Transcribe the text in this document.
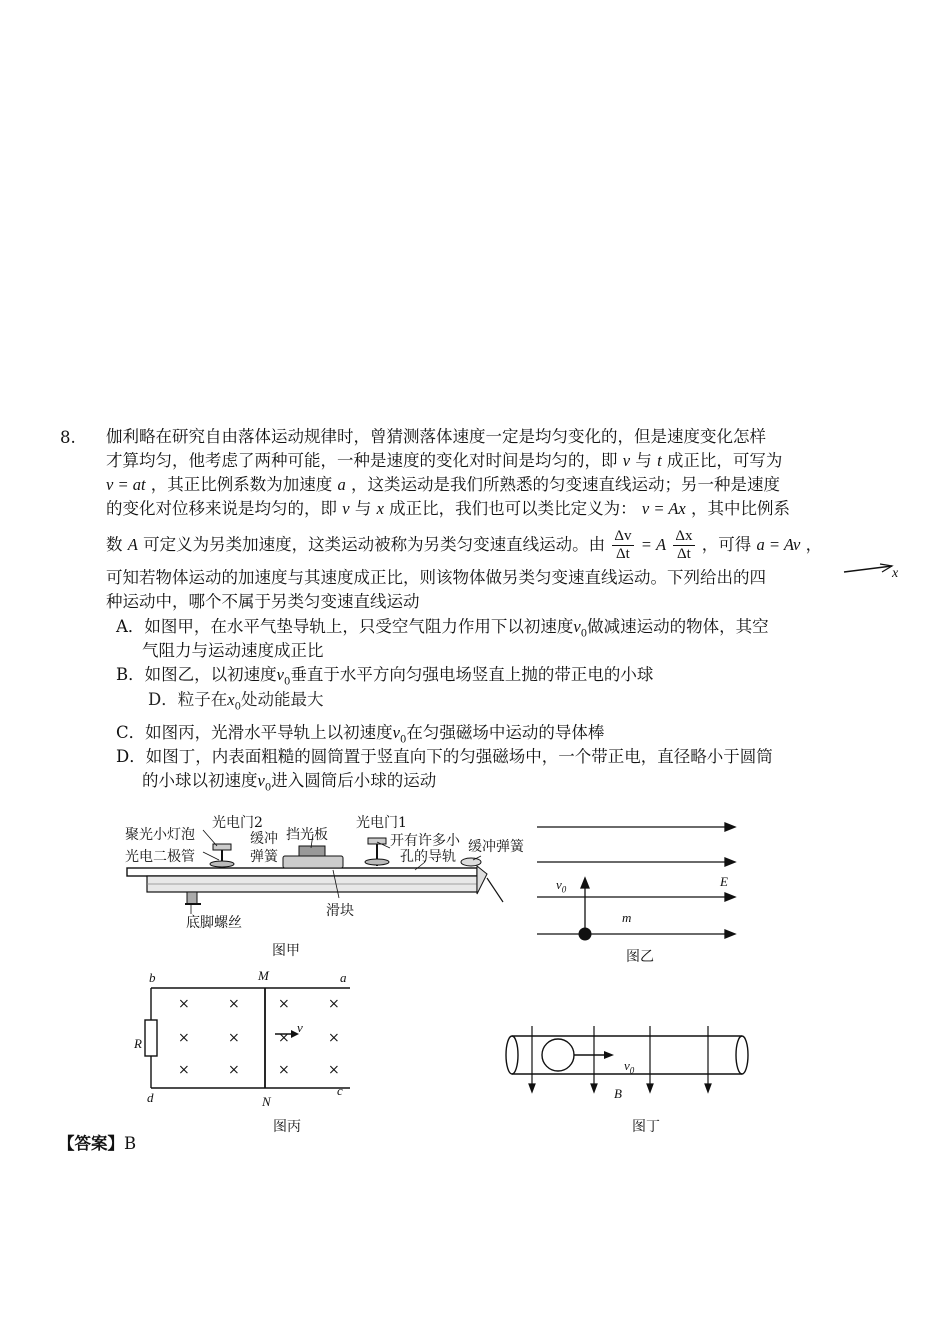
8. 伽利略在研究自由落体运动规律时，曾猜测落体速度一定是均匀变化的，但是速度变化怎样
才算均匀，他考虑了两种可能，一种是速度的变化对时间是均匀的，即 v 与 t 成正比，可写为
v = at ，其正比例系数为加速度 a ，这类运动是我们所熟悉的匀变速直线运动；另一种是速度
的变化对位移来说是均匀的，即 v 与 x 成正比，我们也可以类比定义为： v = Ax ，其中比例系
数 A 可定义为另类加速度，这类运动被称为另类匀变速直线运动。由 $\frac{\Delta v}{\Delta t} = A \frac{\Delta x}{\Delta t}$ ，可得 a = Av ，
可知若物体运动的加速度与其速度成正比，则该物体做另类匀变速直线运动。下列给出的四
种运动中，哪个不属于另类匀变速直线运动
x
A．如图甲，在水平气垫导轨上，只受空气阻力作用下以初速度$v_0$做减速运动的物体，其空
气阻力与运动速度成正比
B．如图乙，以初速度$v_0$垂直于水平方向匀强电场竖直上抛的带正电的小球
D．粒子在$x_0$处动能最大
C．如图丙，光滑水平导轨上以初速度$v_0$在匀强磁场中运动的导体棒
D．如图丁，内表面粗糙的圆筒置于竖直向下的匀强磁场中，一个带正电，直径略小于圆筒
的小球以初速度$v_0$进入圆筒后小球的运动
聚光小灯泡
光电二极管
光电门2
缓冲
弹簧
挡光板
光电门1
开有许多小
孔的导轨
缓冲弹簧
滑块
底脚螺丝
图甲
$v_0$
E
m
图乙
×	×	×	×
×	×	×	×
×	×	×	×
b	M	a
R
v
d	N
c
图丙
$v_0$
B
图丁
【答案】B
